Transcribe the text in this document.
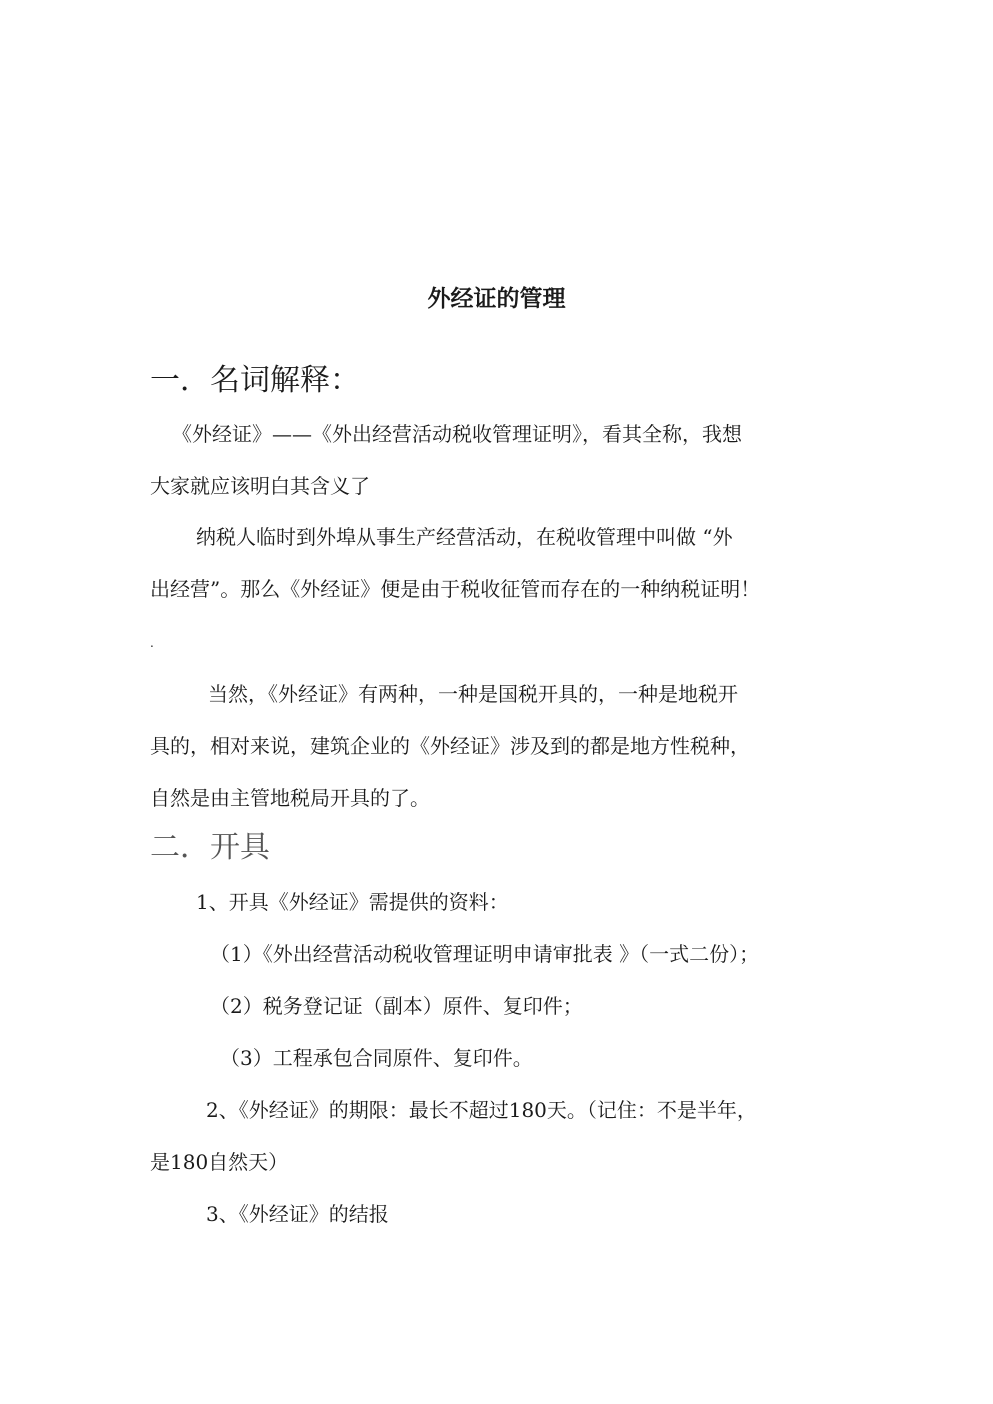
外经证的管理
一．名词解释：
《外经证》——《外出经营活动税收管理证明》，看其全称，我想
大家就应该明白其含义了
纳税人临时到外埠从事生产经营活动，在税收管理中叫做 “外
出经营”。那么《外经证》便是由于税收征管而存在的一种纳税证明！
.
当然，《外经证》有两种，一种是国税开具的，一种是地税开
具的，相对来说，建筑企业的《外经证》涉及到的都是地方性税种，
自然是由主管地税局开具的了。
二．开具
1、开具《外经证》需提供的资料：
（1）《外出经营活动税收管理证明申请审批表 》（一式二份）；
（2）税务登记证（副本）原件、复印件；
（3）工程承包合同原件、复印件。
2、《外经证》的期限：最长不超过180天。（记住：不是半年，
是180自然天）
3、《外经证》的结报
